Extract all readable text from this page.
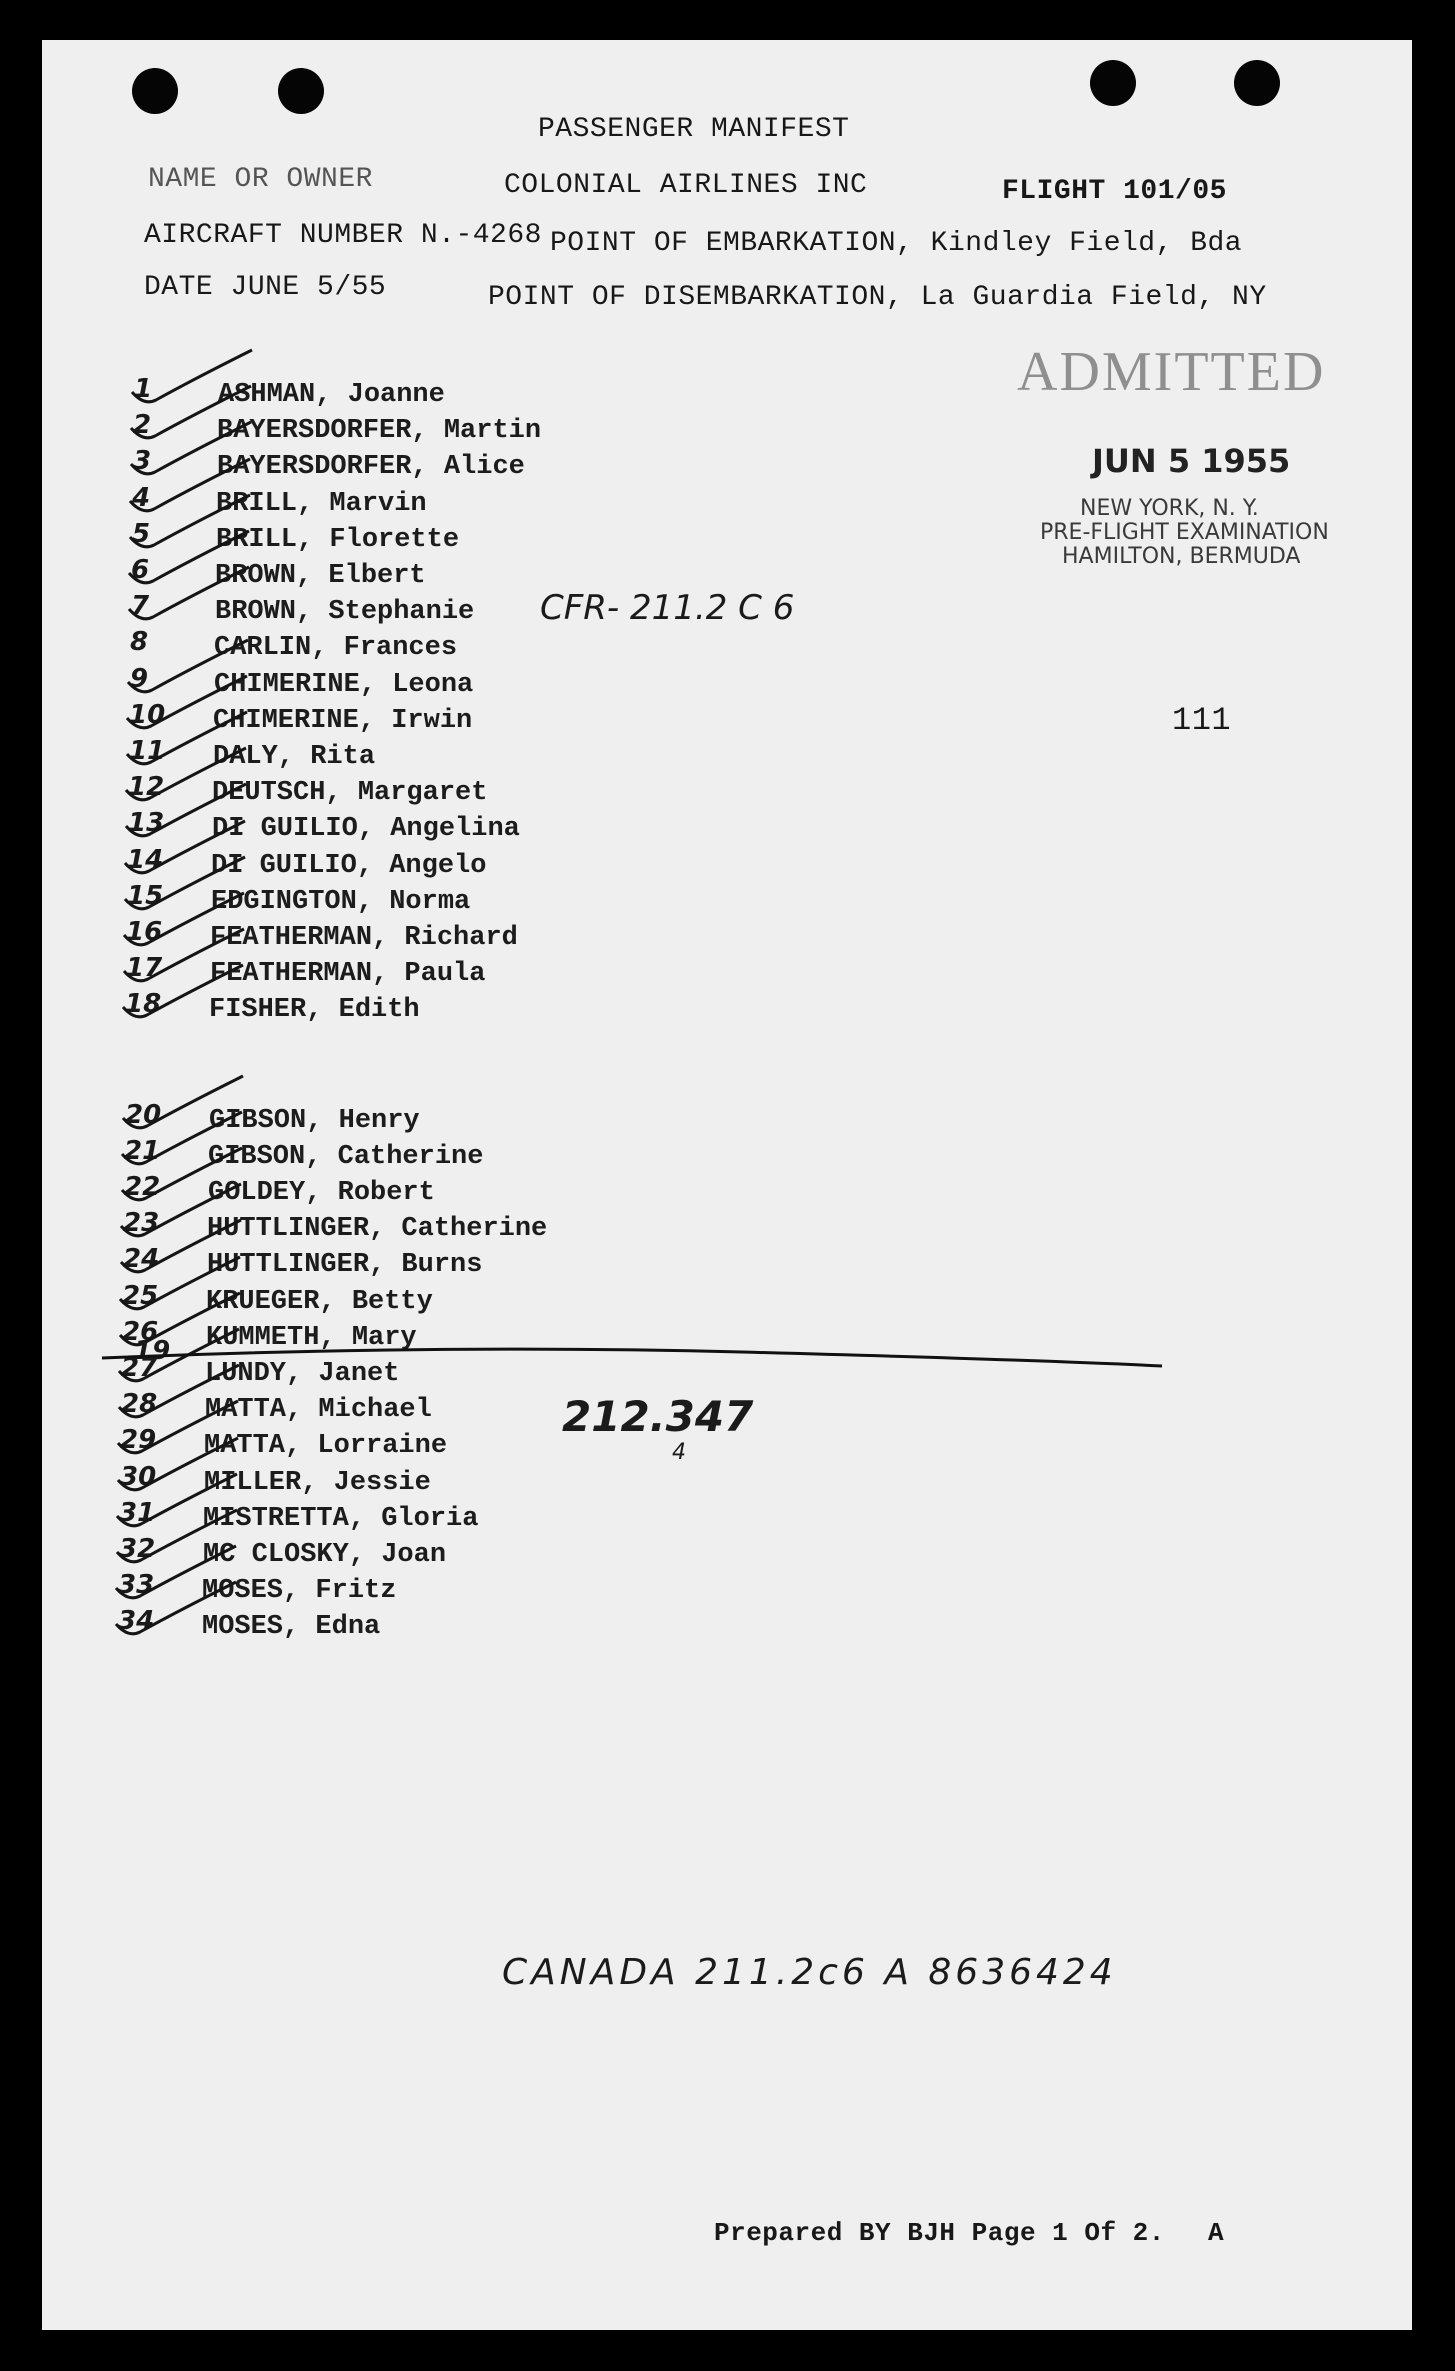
PASSENGER MANIFEST
NAME OR OWNER	COLONIAL AIRLINES INC	FLIGHT 101/05
AIRCRAFT NUMBER N.-4268 POINT OF EMBARKATION, Kindley Field, Bda
DATE JUNE 5/55	POINT OF DISEMBARKATION, La Guardia Field, NY
ADMITTED
JUN 5 1955
NEW YORK, N. Y.
PRE-FLIGHT EXAMINATION
HAMILTON, BERMUDA
CFR- 211.2 C 6
111
212.347
4
CANADA 211.2c6 A 8636424
1	ASHMAN, Joanne
2	BAYERSDORFER, Martin
3	BAYERSDORFER, Alice
4	BRILL, Marvin
5	BRILL, Florette
6	BROWN, Elbert
7	BROWN, Stephanie
8	CARLIN, Frances
9	CHIMERINE, Leona
10	CHIMERINE, Irwin
11	DALY, Rita
12	DEUTSCH, Margaret
13	DI GUILIO, Angelina
14	DI GUILIO, Angelo
15	EDGINGTON, Norma
16	FEATHERMAN, Richard
17	FEATHERMAN, Paula
18	FISHER, Edith
20	GIBSON, Henry
21	GIBSON, Catherine
22	GOLDEY, Robert
23	HUTTLINGER, Catherine
24	HUTTLINGER, Burns
25	KRUEGER, Betty
26	KUMMETH, Mary
27	LUNDY, Janet
28	MATTA, Michael
29	MATTA, Lorraine
30	MILLER, Jessie
31	MISTRETTA, Gloria
32	MC CLOSKY, Joan
33	MOSES, Fritz
34	MOSES, Edna
19
Prepared BY BJH Page 1 Of 2. A
